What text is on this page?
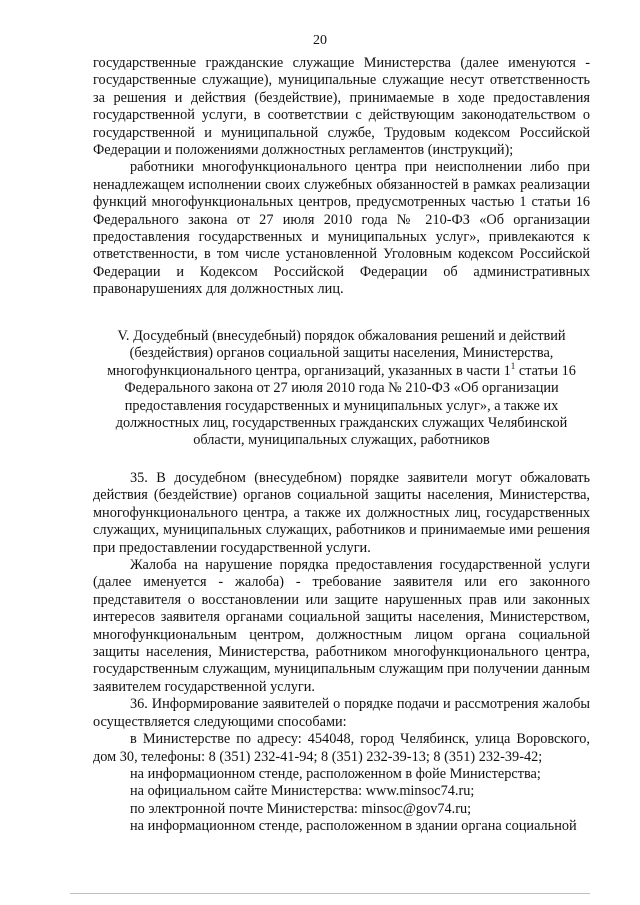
20

государственные гражданские служащие Министерства (далее именуются - государственные служащие), муниципальные служащие несут ответственность за решения и действия (бездействие), принимаемые в ходе предоставления государственной услуги, в соответствии с действующим законодательством о государственной и муниципальной службе, Трудовым кодексом Российской Федерации и положениями должностных регламентов (инструкций);

работники многофункционального центра при неисполнении либо при ненадлежащем исполнении своих служебных обязанностей в рамках реализации функций многофункциональных центров, предусмотренных частью 1 статьи 16 Федерального закона от 27 июля 2010 года № 210-ФЗ «Об организации предоставления государственных и муниципальных услуг», привлекаются к ответственности, в том числе установленной Уголовным кодексом Российской Федерации и Кодексом Российской Федерации об административных правонарушениях для должностных лиц.

V. Досудебный (внесудебный) порядок обжалования решений и действий (бездействия) органов социальной защиты населения, Министерства, многофункционального центра, организаций, указанных в части $1^1$ статьи 16 Федерального закона от 27 июля 2010 года № 210-ФЗ «Об организации предоставления государственных и муниципальных услуг», а также их должностных лиц, государственных гражданских служащих Челябинской области, муниципальных служащих, работников

35. В досудебном (внесудебном) порядке заявители могут обжаловать действия (бездействие) органов социальной защиты населения, Министерства, многофункционального центра, а также их должностных лиц, государственных служащих, муниципальных служащих, работников и принимаемые ими решения при предоставлении государственной услуги.

Жалоба на нарушение порядка предоставления государственной услуги (далее именуется - жалоба) - требование заявителя или его законного представителя о восстановлении или защите нарушенных прав или законных интересов заявителя органами социальной защиты населения, Министерством, многофункциональным центром, должностным лицом органа социальной защиты населения, Министерства, работником многофункционального центра, государственным служащим, муниципальным служащим при получении данным заявителем государственной услуги.

36. Информирование заявителей о порядке подачи и рассмотрения жалобы осуществляется следующими способами:

в Министерстве по адресу: 454048, город Челябинск, улица Воровского, дом 30, телефоны: 8 (351) 232-41-94; 8 (351) 232-39-13; 8 (351) 232-39-42;

на информационном стенде, расположенном в фойе Министерства;

на официальном сайте Министерства: www.minsoc74.ru;

по электронной почте Министерства: minsoc@gov74.ru;

на информационном стенде, расположенном в здании органа социальной
